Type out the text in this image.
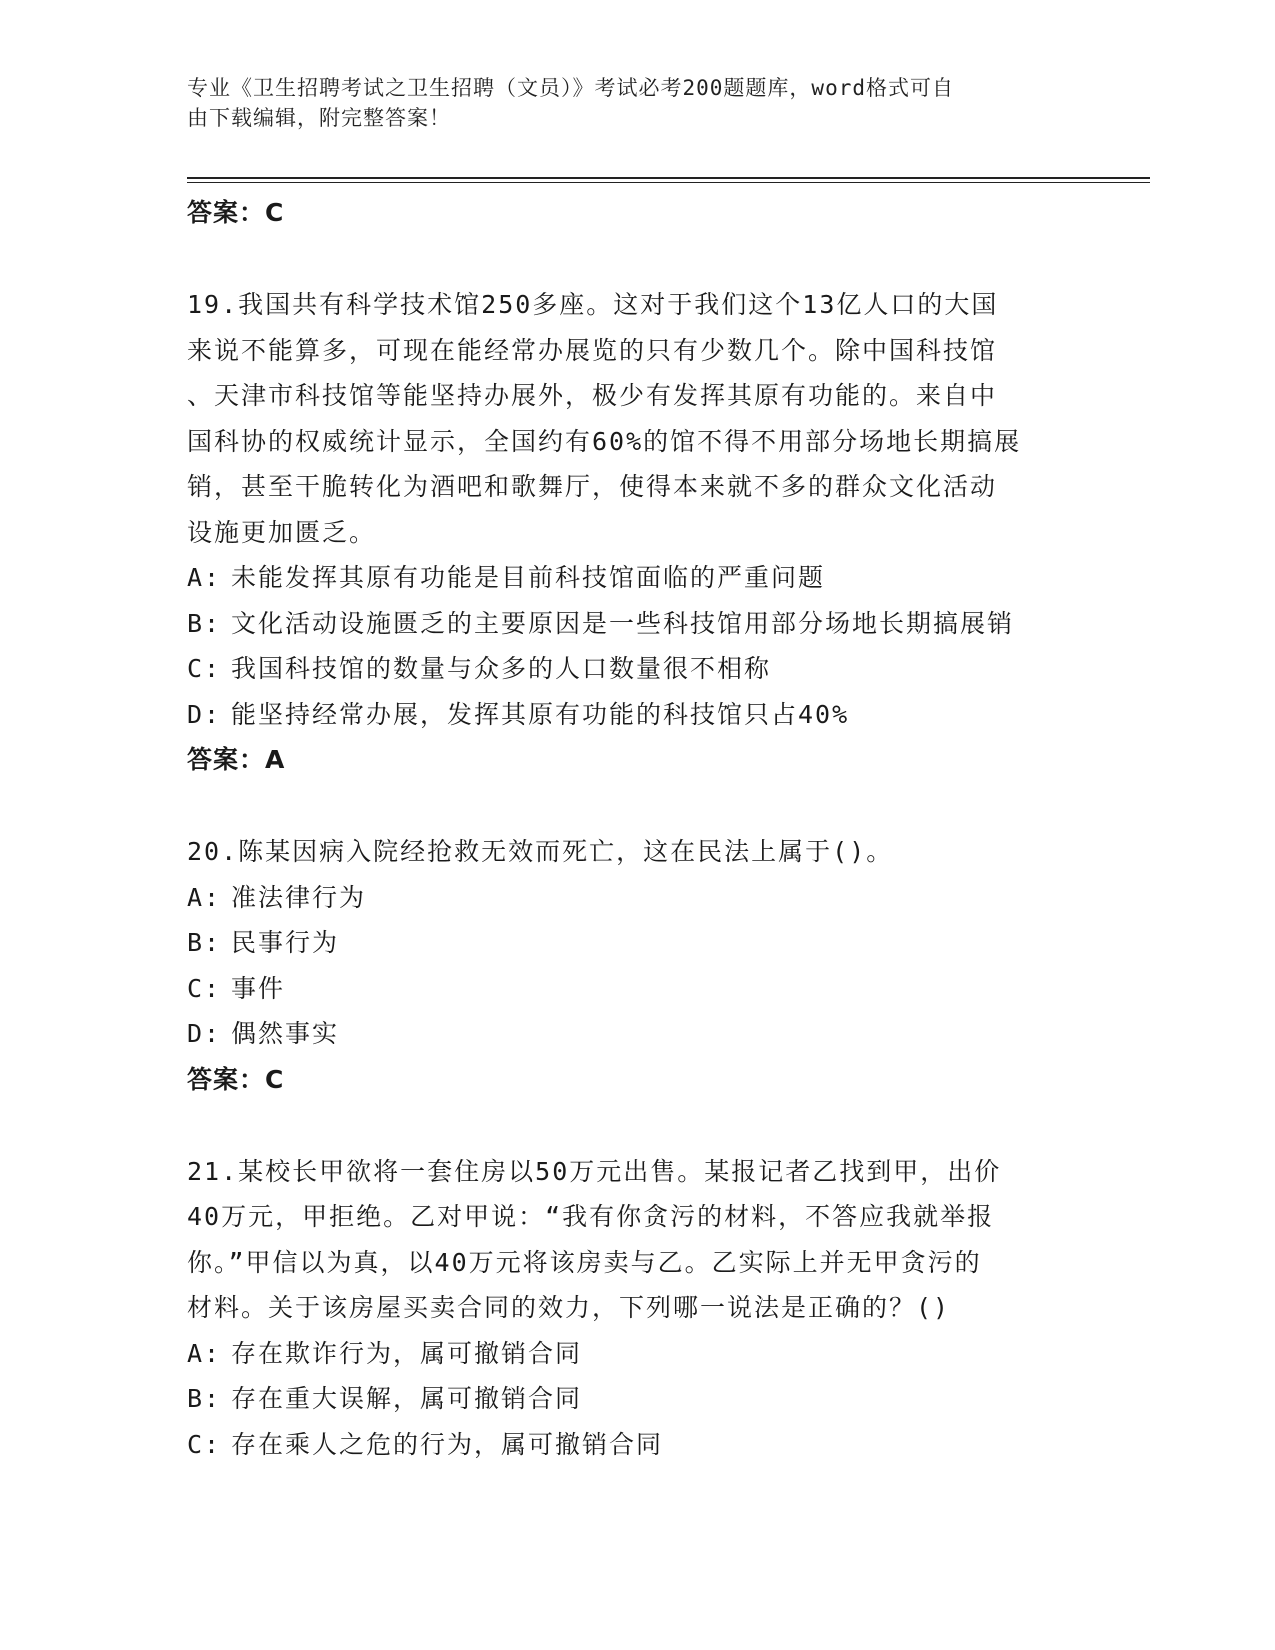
专业《卫生招聘考试之卫生招聘（文员）》考试必考200题题库，word格式可自
由下载编辑，附完整答案！
答案：C
19.我国共有科学技术馆250多座。这对于我们这个13亿人口的大国
来说不能算多，可现在能经常办展览的只有少数几个。除中国科技馆
、天津市科技馆等能坚持办展外，极少有发挥其原有功能的。来自中
国科协的权威统计显示，全国约有60%的馆不得不用部分场地长期搞展
销，甚至干脆转化为酒吧和歌舞厅，使得本来就不多的群众文化活动
设施更加匮乏。
A: 未能发挥其原有功能是目前科技馆面临的严重问题
B: 文化活动设施匮乏的主要原因是一些科技馆用部分场地长期搞展销
C: 我国科技馆的数量与众多的人口数量很不相称
D: 能坚持经常办展，发挥其原有功能的科技馆只占40%
答案：A
20.陈某因病入院经抢救无效而死亡，这在民法上属于()。
A: 准法律行为
B: 民事行为
C: 事件
D: 偶然事实
答案：C
21.某校长甲欲将一套住房以50万元出售。某报记者乙找到甲，出价
40万元，甲拒绝。乙对甲说：“我有你贪污的材料，不答应我就举报
你。”甲信以为真，以40万元将该房卖与乙。乙实际上并无甲贪污的
材料。关于该房屋买卖合同的效力，下列哪一说法是正确的？()
A: 存在欺诈行为，属可撤销合同
B: 存在重大误解，属可撤销合同
C: 存在乘人之危的行为，属可撤销合同
